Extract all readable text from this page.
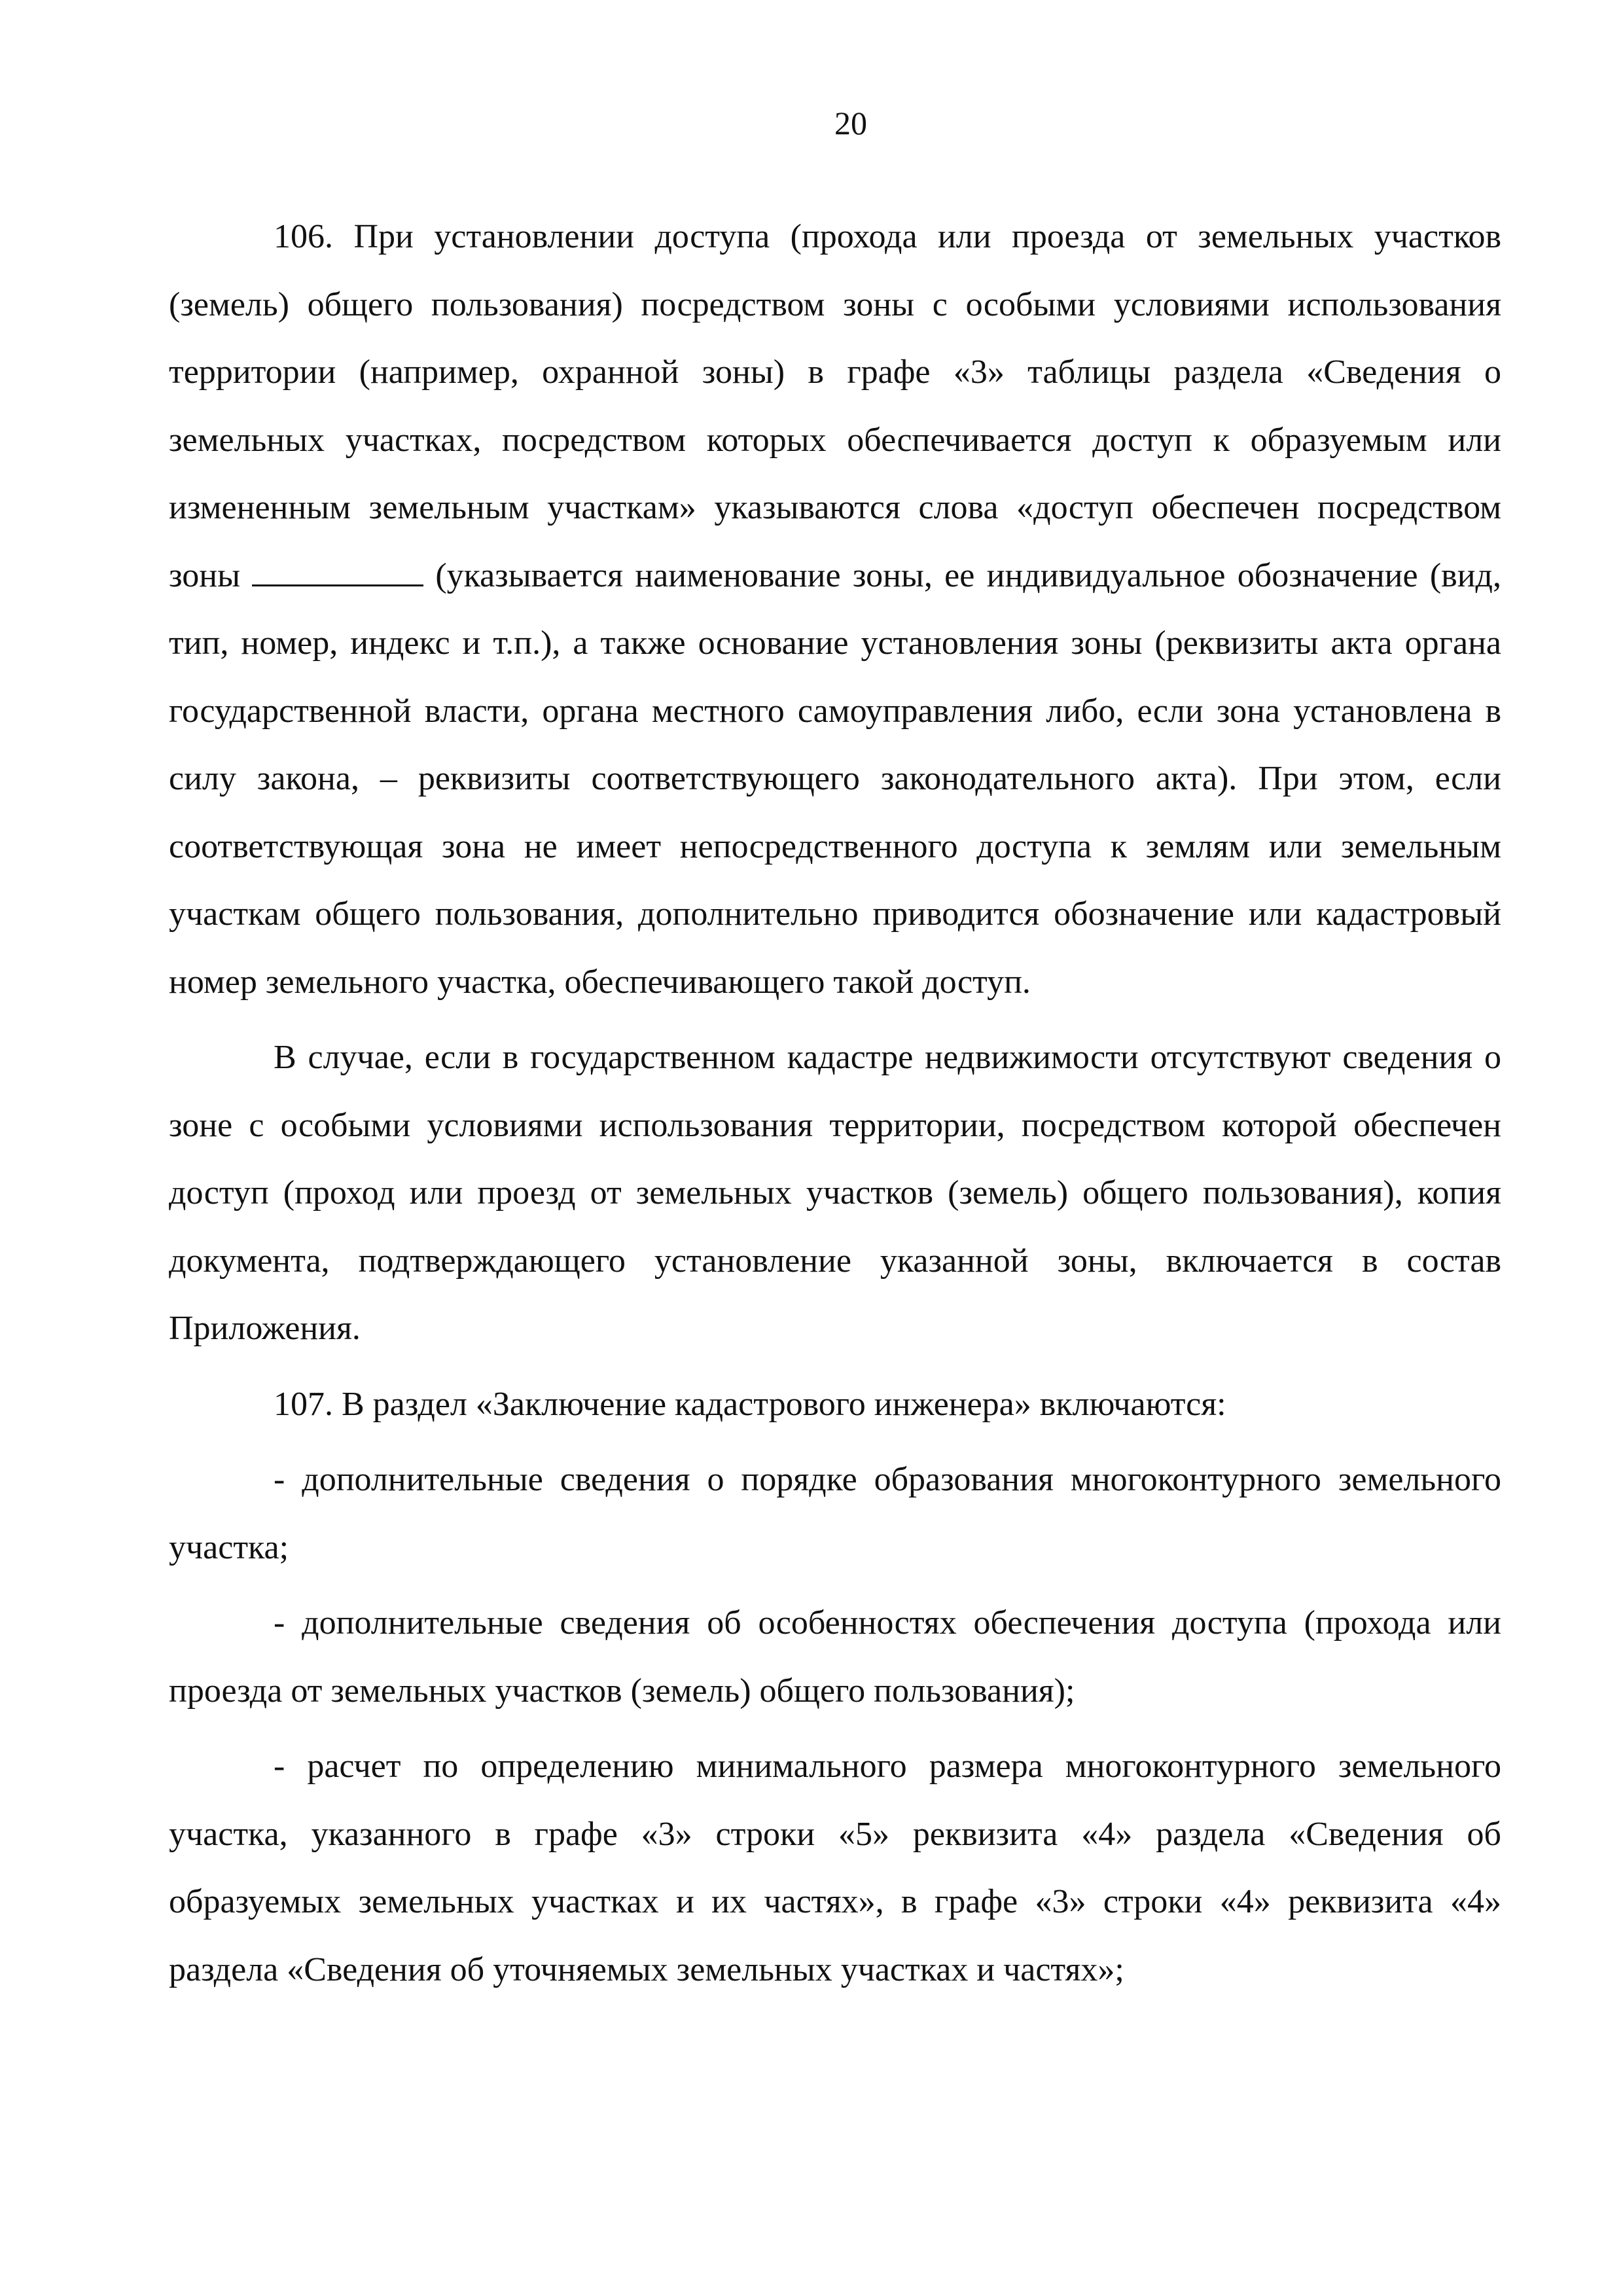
20

106. При установлении доступа (прохода или проезда от земельных участков (земель) общего пользования) посредством зоны с особыми условиями использования территории (например, охранной зоны) в графе «3» таблицы раздела «Сведения о земельных участках, посредством которых обеспечивается доступ к образуемым или измененным земельным участкам» указываются слова «доступ обеспечен посредством зоны	(указывается наименование зоны, ее индивидуальное обозначение (вид, тип, номер, индекс и т.п.), а также основание установления зоны (реквизиты акта органа государственной власти, органа местного самоуправления либо, если зона установлена в силу закона, – реквизиты соответствующего законодательного акта). При этом, если соответствующая зона не имеет непосредственного доступа к землям или земельным участкам общего пользования, дополнительно приводится обозначение или кадастровый номер земельного участка, обеспечивающего такой доступ.

В случае, если в государственном кадастре недвижимости отсутствуют сведения о зоне с особыми условиями использования территории, посредством которой обеспечен доступ (проход или проезд от земельных участков (земель) общего пользования), копия документа, подтверждающего установление указанной зоны, включается в состав Приложения.

107. В раздел «Заключение кадастрового инженера» включаются:

- дополнительные сведения о порядке образования многоконтурного земельного участка;

- дополнительные сведения об особенностях обеспечения доступа (прохода или проезда от земельных участков (земель) общего пользования);

- расчет по определению минимального размера многоконтурного земельного участка, указанного в графе «3» строки «5» реквизита «4» раздела «Сведения об образуемых земельных участках и их частях», в графе «3» строки «4» реквизита «4» раздела «Сведения об уточняемых земельных участках и частях»;
